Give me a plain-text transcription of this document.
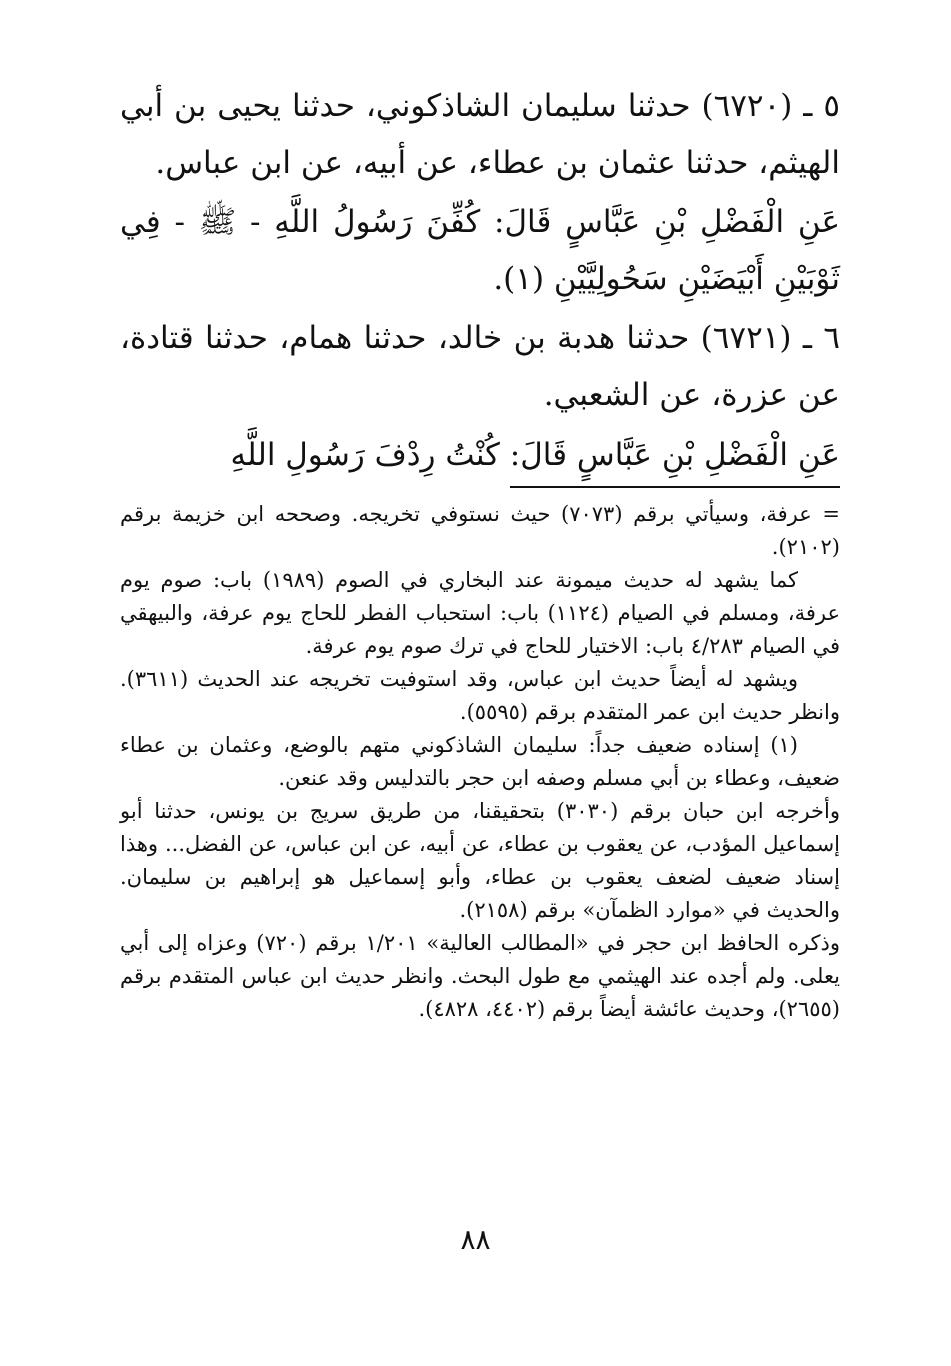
٥ ـ (٦٧٢٠) حدثنا سليمان الشاذكوني، حدثنا يحيى بن أبي الهيثم، حدثنا عثمان بن عطاء، عن أبيه، عن ابن عباس.

عَنِ الْفَضْلِ بْنِ عَبَّاسٍ قَالَ: كُفِّنَ رَسُولُ اللَّهِ - ﷺ - فِي ثَوْبَيْنِ أَبْيَضَيْنِ سَحُولِيَّيْنِ (١).

٦ ـ (٦٧٢١) حدثنا هدبة بن خالد، حدثنا همام، حدثنا قتادة، عن عزرة، عن الشعبي.

عَنِ الْفَضْلِ بْنِ عَبَّاسٍ قَالَ: كُنْتُ رِدْفَ رَسُولِ اللَّهِ

= عرفة، وسيأتي برقم (٧٠٧٣) حيث نستوفي تخريجه. وصححه ابن خزيمة برقم (٢١٠٢).

كما يشهد له حديث ميمونة عند البخاري في الصوم (١٩٨٩) باب: صوم يوم عرفة، ومسلم في الصيام (١١٢٤) باب: استحباب الفطر للحاج يوم عرفة، والبيهقي في الصيام ٤/٢٨٣ باب: الاختيار للحاج في ترك صوم يوم عرفة.

ويشهد له أيضاً حديث ابن عباس، وقد استوفيت تخريجه عند الحديث (٣٦١١). وانظر حديث ابن عمر المتقدم برقم (٥٥٩٥).

(١) إسناده ضعيف جداً: سليمان الشاذكوني متهم بالوضع، وعثمان بن عطاء ضعيف، وعطاء بن أبي مسلم وصفه ابن حجر بالتدليس وقد عنعن.

وأخرجه ابن حبان برقم (٣٠٣٠) بتحقيقنا، من طريق سريج بن يونس، حدثنا أبو إسماعيل المؤدب، عن يعقوب بن عطاء، عن أبيه، عن ابن عباس، عن الفضل... وهذا إسناد ضعيف لضعف يعقوب بن عطاء، وأبو إسماعيل هو إبراهيم بن سليمان. والحديث في «موارد الظمآن» برقم (٢١٥٨).

وذكره الحافظ ابن حجر في «المطالب العالية» ١/٢٠١ برقم (٧٢٠) وعزاه إلى أبي يعلى. ولم أجده عند الهيثمي مع طول البحث. وانظر حديث ابن عباس المتقدم برقم (٢٦٥٥)، وحديث عائشة أيضاً برقم (٤٤٠٢، ٤٨٢٨).

٨٨
